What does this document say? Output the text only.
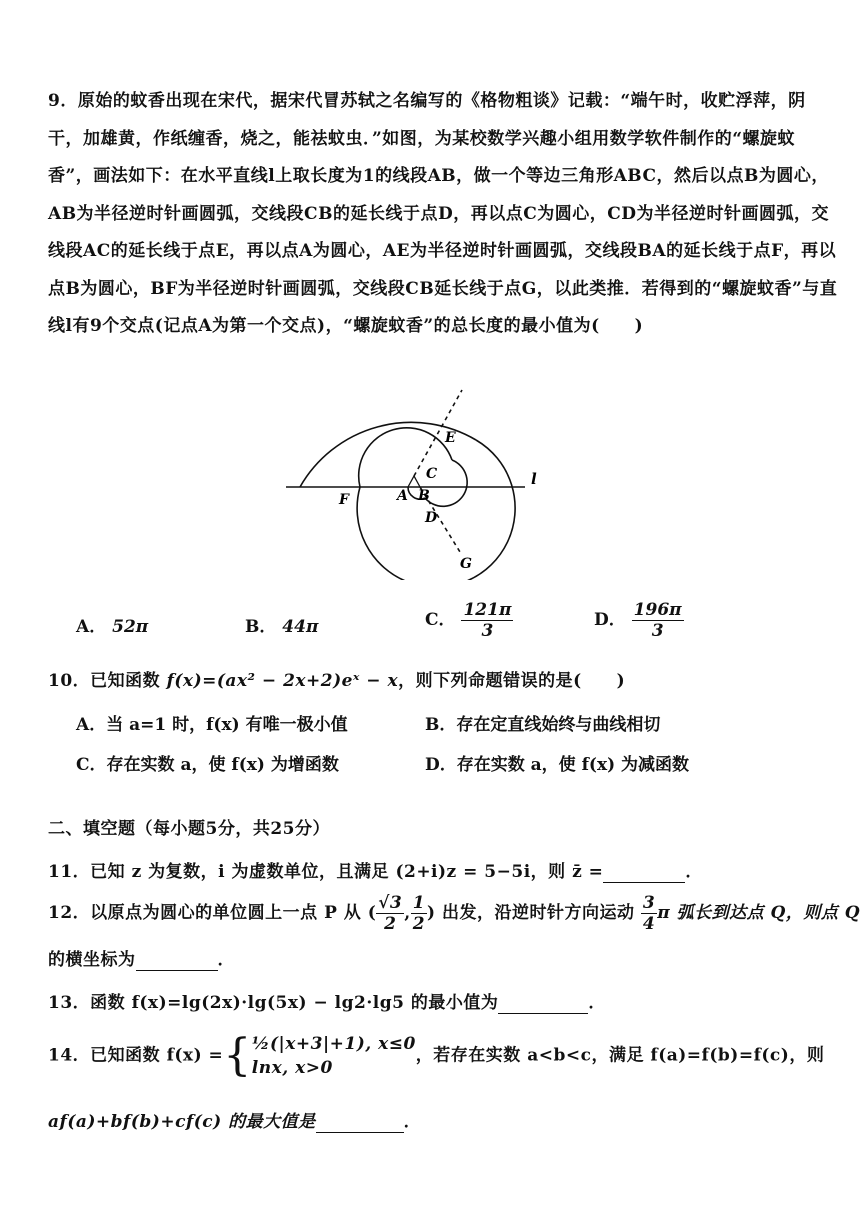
9．原始的蚊香出现在宋代，据宋代冒苏轼之名编写的《格物粗谈》记载：“端午时，收贮浮萍，阴干，加雄黄，作纸缠香，烧之，能祛蚊虫．”如图，为某校数学兴趣小组用数学软件制作的“螺旋蚊香”，画法如下：在水平直线l上取长度为1的线段AB，做一个等边三角形ABC，然后以点B为圆心，AB为半径逆时针画圆弧，交线段CB的延长线于点D，再以点C为圆心，CD为半径逆时针画圆弧，交线段AC的延长线于点E，再以点A为圆心，AE为半径逆时针画圆弧，交线段BA的延长线于点F，再以点B为圆心，BF为半径逆时针画圆弧，交线段CB延长线于点G，以此类推．若得到的“螺旋蚊香”与直线l有9个交点(记点A为第一个交点)，“螺旋蚊香”的总长度的最小值为(　　)
E
C	l
F	A B
D
G
A． 52π	B． 44π	C． $\frac{121\pi}{3}$	D． $\frac{196\pi}{3}$
10．已知函数 f(x)=(ax² − 2x+2)eˣ − x，则下列命题错误的是(　　)
A．当 a=1 时，f(x) 有唯一极小值	B．存在定直线始终与曲线相切
C．存在实数 a，使 f(x) 为增函数	D．存在实数 a，使 f(x) 为减函数
二、填空题（每小题5分，共25分）
11．已知 z 为复数，i 为虚数单位，且满足 (2+i)z = 5−5i，则 z̄ =	．
12．以原点为圆心的单位圆上一点 P 从 ( $\frac{√3}{2}$ , $\frac{1}{2}$ ) 出发，沿逆时针方向运动 $\frac{3}{4}$ π 弧长到达点 Q，则点 Q
的横坐标为	．
13．函数 f(x)=lg(2x)·lg(5x) − lg2·lg5 的最小值为	．
14．已知函数 f(x) ={ ½(|x+3|+1), x≤0
lnx, x>0
，若存在实数 a<b<c，满足 f(a)=f(b)=f(c)，则
af(a)+bf(b)+cf(c) 的最大值是	．
